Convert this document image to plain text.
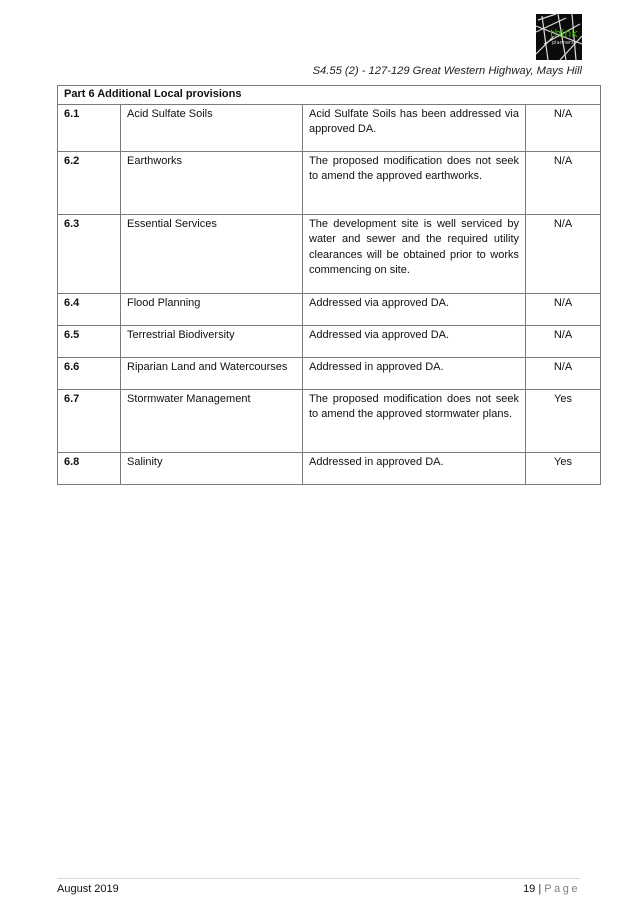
think
planners
S4.55 (2) - 127-129 Great Western Highway, Mays Hill
Part 6 Additional Local provisions			
6.1	Acid Sulfate Soils	Acid Sulfate Soils has been addressed via approved DA.	N/A
6.2	Earthworks	The proposed modification does not seek to amend the approved earthworks.	N/A
6.3	Essential Services	The development site is well serviced by water and sewer and the required utility clearances will be obtained prior to works commencing on site.	N/A
6.4	Flood Planning	Addressed via approved DA.	N/A
6.5	Terrestrial Biodiversity	Addressed via approved DA.	N/A
6.6	Riparian Land and Watercourses	Addressed in approved DA.	N/A
6.7	Stormwater Management	The proposed modification does not seek to amend the approved stormwater plans.	Yes
6.8	Salinity	Addressed in approved DA.	Yes
August 2019	19 | Page
